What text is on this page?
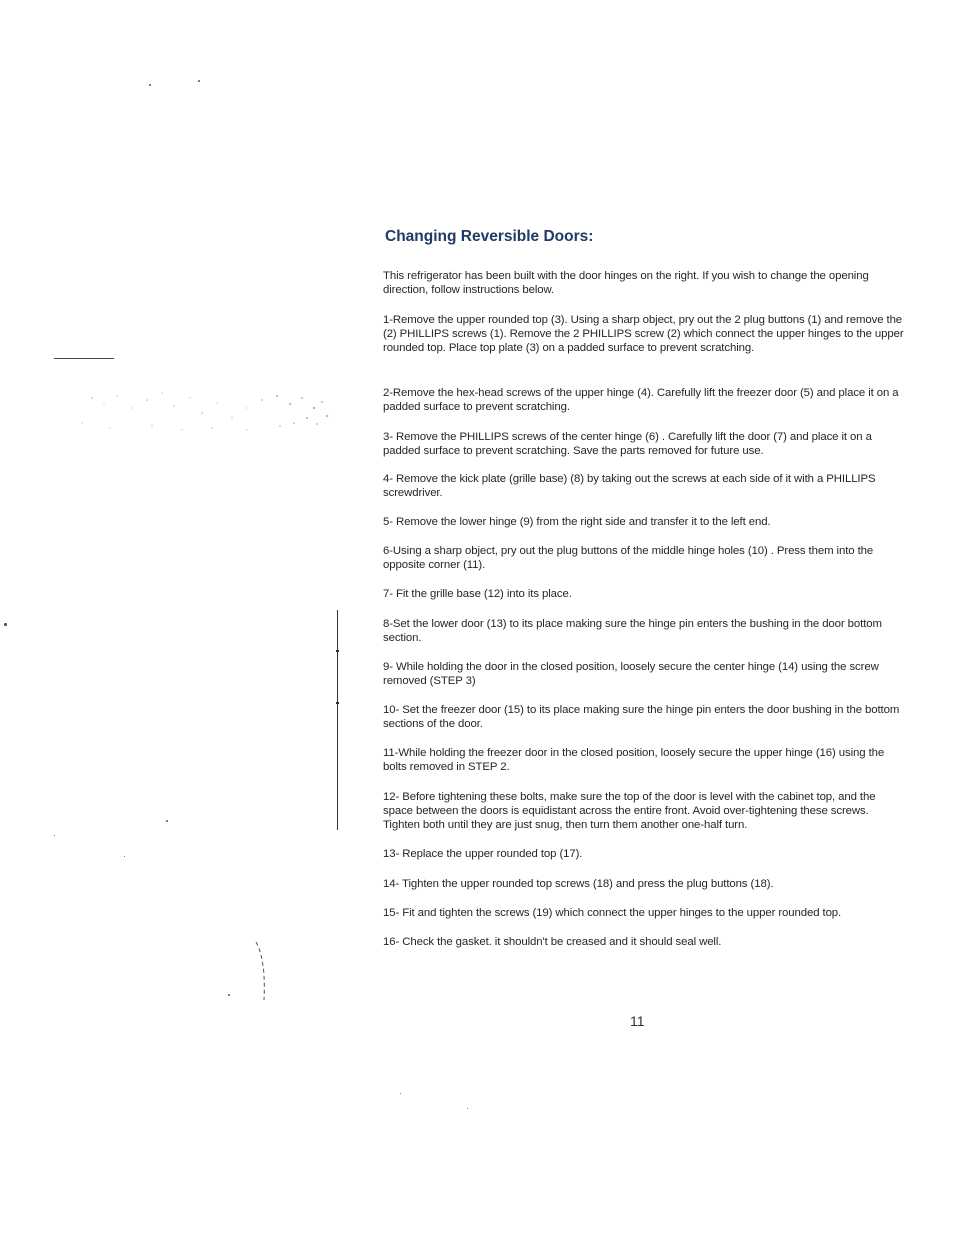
Changing Reversible Doors:

This refrigerator has been built with the door hinges on the right. If you wish to change the opening direction, follow instructions below.

1-Remove the upper rounded top (3). Using a sharp object, pry out the 2 plug buttons (1) and remove the (2) PHILLIPS screws (1). Remove the 2 PHILLIPS screw (2) which connect the upper hinges to the upper rounded top. Place top plate (3) on a padded surface to prevent scratching.

2-Remove the hex-head screws of the upper hinge (4). Carefully lift the freezer door (5) and place it on a padded surface to prevent scratching.

3- Remove the PHILLIPS screws of the center hinge (6) . Carefully lift the door (7) and place it on a padded surface to prevent scratching. Save the parts removed for future use.

4- Remove the kick plate (grille base) (8) by taking out the screws at each side of it with a PHILLIPS screwdriver.

5- Remove the lower hinge (9) from the right side and transfer it to the left end.

6-Using a sharp object, pry out the plug buttons of the middle hinge holes (10) . Press them into the opposite corner (11).

7- Fit the grille base (12) into its place.

8-Set the lower door (13) to its place making sure the hinge pin enters the bushing in the door bottom section.

9- While holding the door in the closed position, loosely secure the center hinge (14) using the screw removed (STEP 3)

10- Set the freezer door (15) to its place making sure the hinge pin enters the door bushing in the bottom sections of the door.

11-While holding the freezer door in the closed position, loosely secure the upper hinge (16) using the bolts removed in STEP 2.

12- Before tightening these bolts, make sure the top of the door is level with the cabinet top, and the space between the doors is equidistant across the entire front. Avoid over-tightening these screws. Tighten both until they are just snug, then turn them another one-half turn.

13- Replace the upper rounded top (17).

14- Tighten the upper rounded top screws (18) and press the plug buttons (18).

15- Fit and tighten the screws (19) which connect the upper hinges to the upper rounded top.

16- Check the gasket. it shouldn't be creased and it should seal well.

11
